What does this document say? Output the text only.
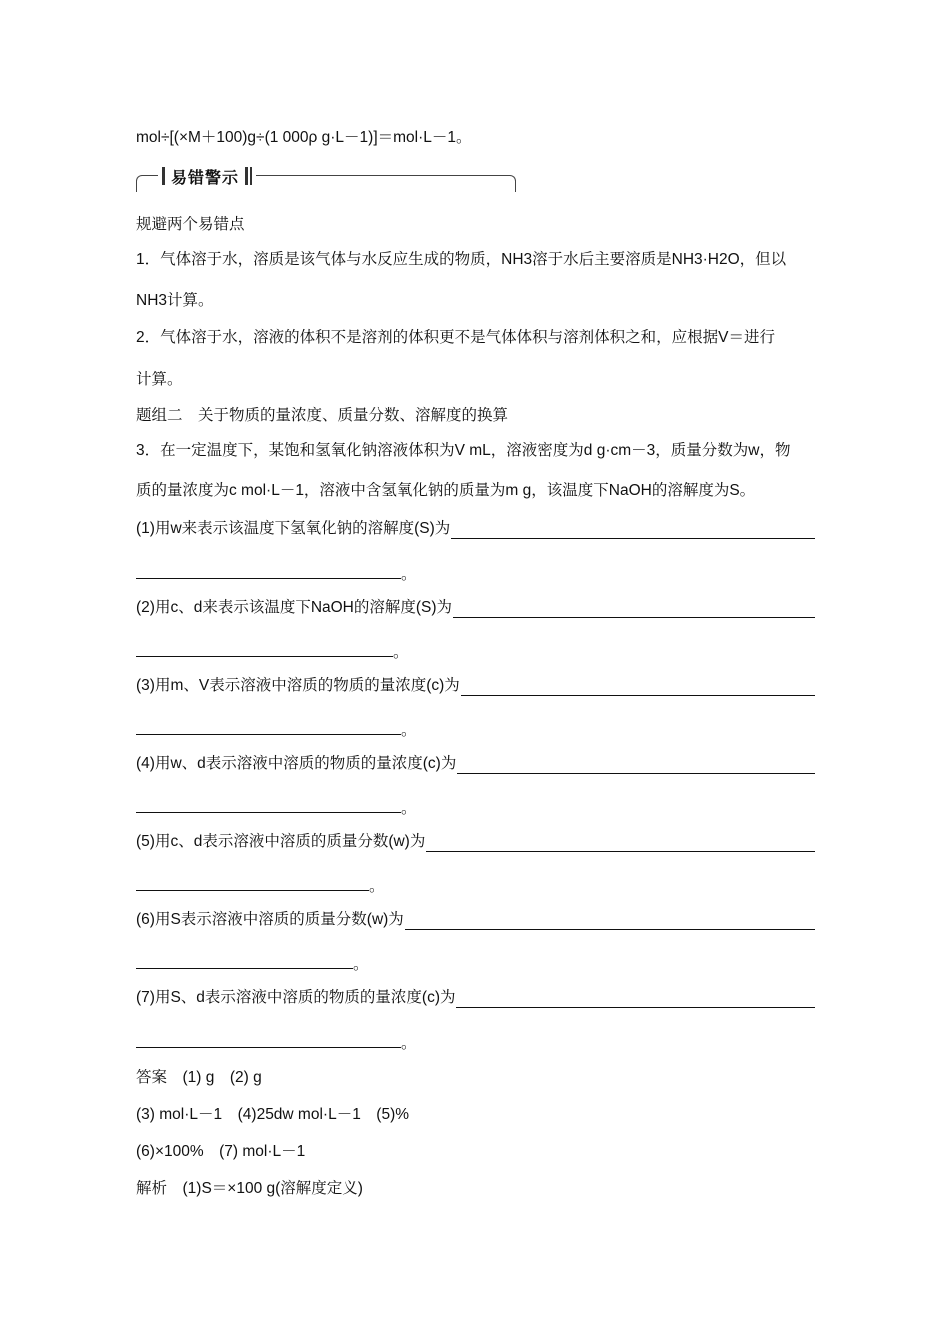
mol÷[(×M＋100)g÷(1 000ρ g·L－1)]＝mol·L－1。
易错警示
规避两个易错点
1．气体溶于水，溶质是该气体与水反应生成的物质，NH3溶于水后主要溶质是NH3·H2O，但以
NH3计算。
2．气体溶于水，溶液的体积不是溶剂的体积更不是气体体积与溶剂体积之和，应根据V＝进行
计算。
题组二　关于物质的量浓度、质量分数、溶解度的换算
3．在一定温度下，某饱和氢氧化钠溶液体积为V mL，溶液密度为d g·cm－3，质量分数为w，物
质的量浓度为c mol·L－1，溶液中含氢氧化钠的质量为m g，该温度下NaOH的溶解度为S。
(1)用w来表示该温度下氢氧化钠的溶解度(S)为
。
(2)用c、d来表示该温度下NaOH的溶解度(S)为
。
(3)用m、V表示溶液中溶质的物质的量浓度(c)为
。
(4)用w、d表示溶液中溶质的物质的量浓度(c)为
。
(5)用c、d表示溶液中溶质的质量分数(w)为
。
(6)用S表示溶液中溶质的质量分数(w)为
。
(7)用S、d表示溶液中溶质的物质的量浓度(c)为
。
答案　(1) g　(2) g
(3) mol·L－1　(4)25dw mol·L－1　(5)%
(6)×100%　(7) mol·L－1
解析　(1)S＝×100 g(溶解度定义)
